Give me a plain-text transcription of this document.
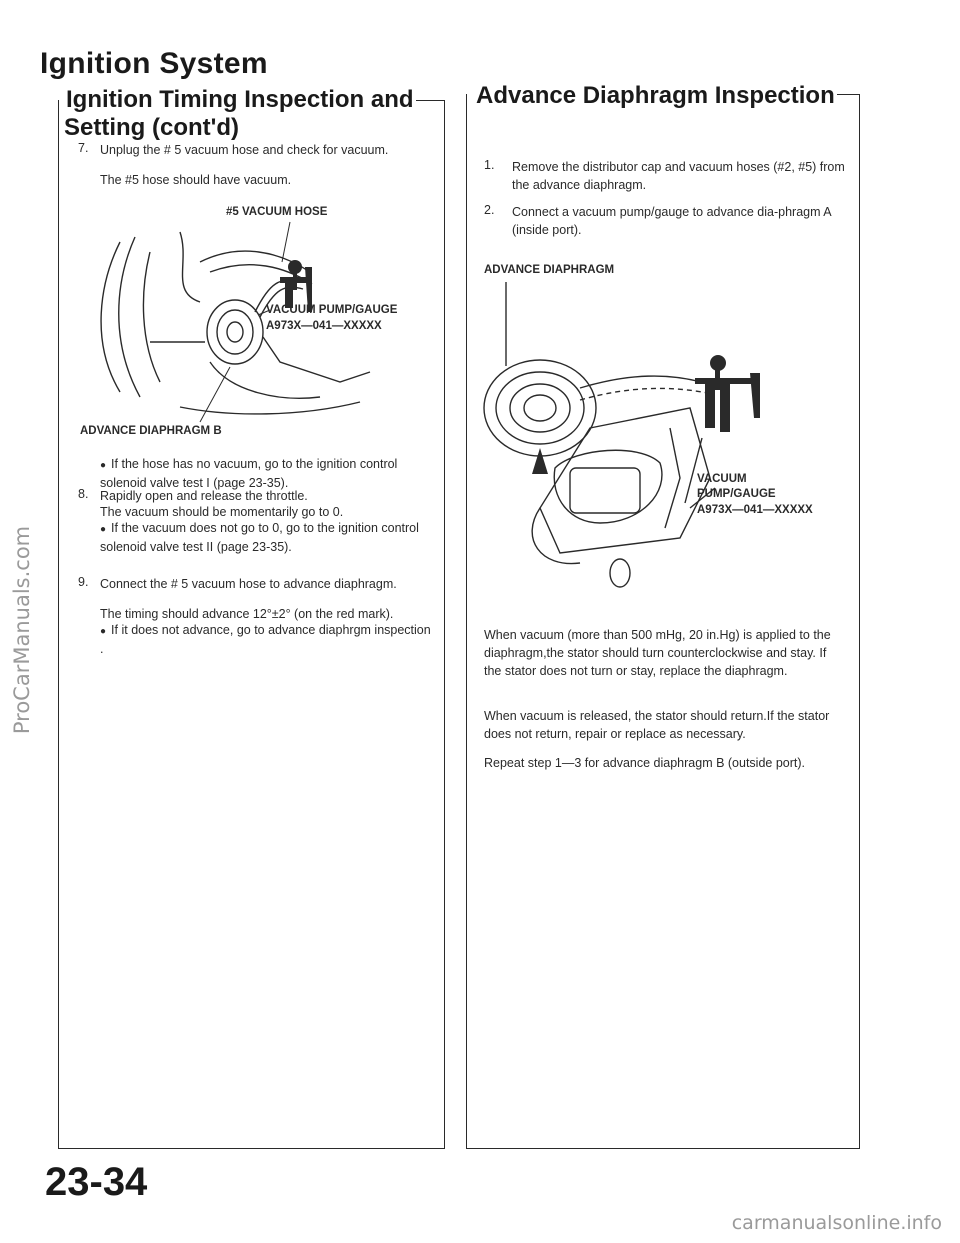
ProCarManuals.com
Ignition System
Ignition Timing Inspection and
Setting (cont'd)
7. Unplug the # 5 vacuum hose and check for vacuum.

The #5 hose should have vacuum.

#5 VACUUM HOSE
VACUUM PUMP/GAUGE
A973X—041—XXXXX
ADVANCE DIAPHRAGM B

● If the hose has no vacuum, go to the ignition control solenoid valve test I (page 23-35).

8. Rapidly open and release the throttle.

The vacuum should be momentarily go to 0.

● If the vacuum does not go to 0, go to the ignition control solenoid valve test II (page 23-35).

9. Connect the # 5 vacuum hose to advance diaphragm.

The timing should advance 12°±2° (on the red mark).

● If it does not advance, go to advance diaphrgm inspection .

Advance Diaphragm Inspection
1. Remove the distributor cap and vacuum hoses (#2, #5) from the advance diaphragm.

2. Connect a vacuum pump/gauge to advance dia-phragm A (inside port).

ADVANCE DIAPHRAGM
VACUUM
PUMP/GAUGE
A973X—041—XXXXX

When vacuum (more than 500 mHg, 20 in.Hg) is applied to the diaphragm,the stator should turn counterclockwise and stay. If the stator does not turn or stay, replace the diaphragm.

When vacuum is released, the stator should return.If the stator does not return, repair or replace as necessary.

Repeat step 1—3 for advance diaphragm B (outside port).

23-34
carmanualsonline.info
